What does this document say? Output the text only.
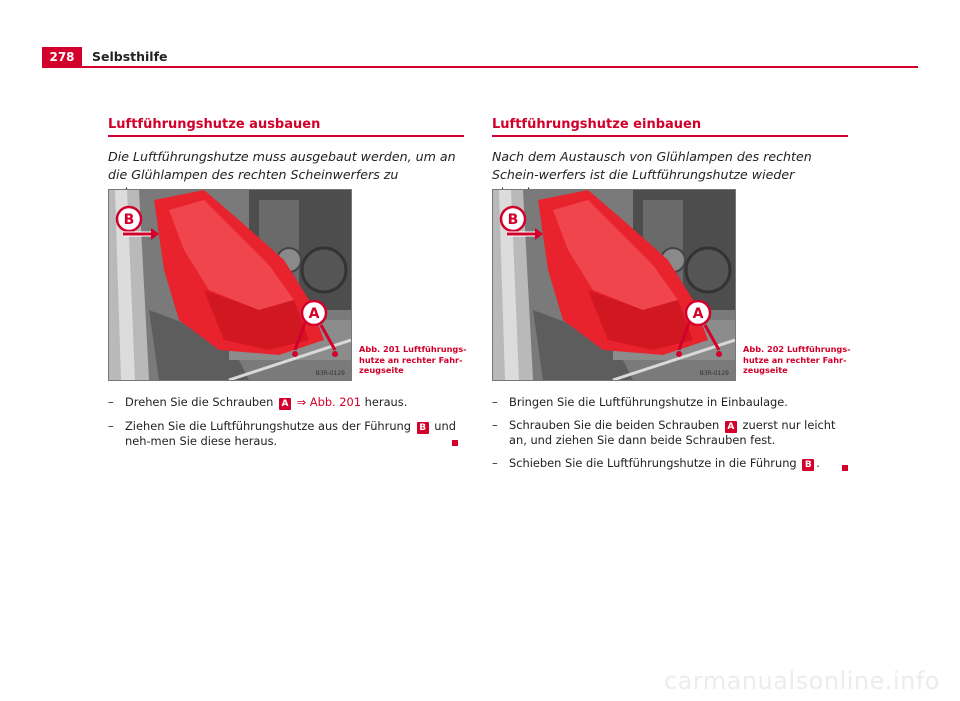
278	Selbsthilfe
Luftführungshutze ausbauen

Die Luftführungshutze muss ausgebaut werden, um an die Glühlampen des rechten Scheinwerfers zu

Luftführungshutze einbauen

Nach dem Austausch von Glühlampen des rechten Schein-werfers ist die Luftführungshutze wieder

B
A
B3R-0129
Abb. 201 Luftführungs-hutze an rechter Fahr-zeugseite
B
A
B3R-0129
Abb. 202 Luftführungs-hutze an rechter Fahr-zeugseite
– Drehen Sie die Schrauben A ⇒ Abb. 201 heraus.
– Ziehen Sie die Luftführungshutze aus der Führung B und neh-men Sie diese heraus.
– Bringen Sie die Luftführungshutze in Einbaulage.
– Schrauben Sie die beiden Schrauben A zuerst nur leicht an, und ziehen Sie dann beide Schrauben fest.
– Schieben Sie die Luftführungshutze in die Führung B .
carmanualsonline.info
